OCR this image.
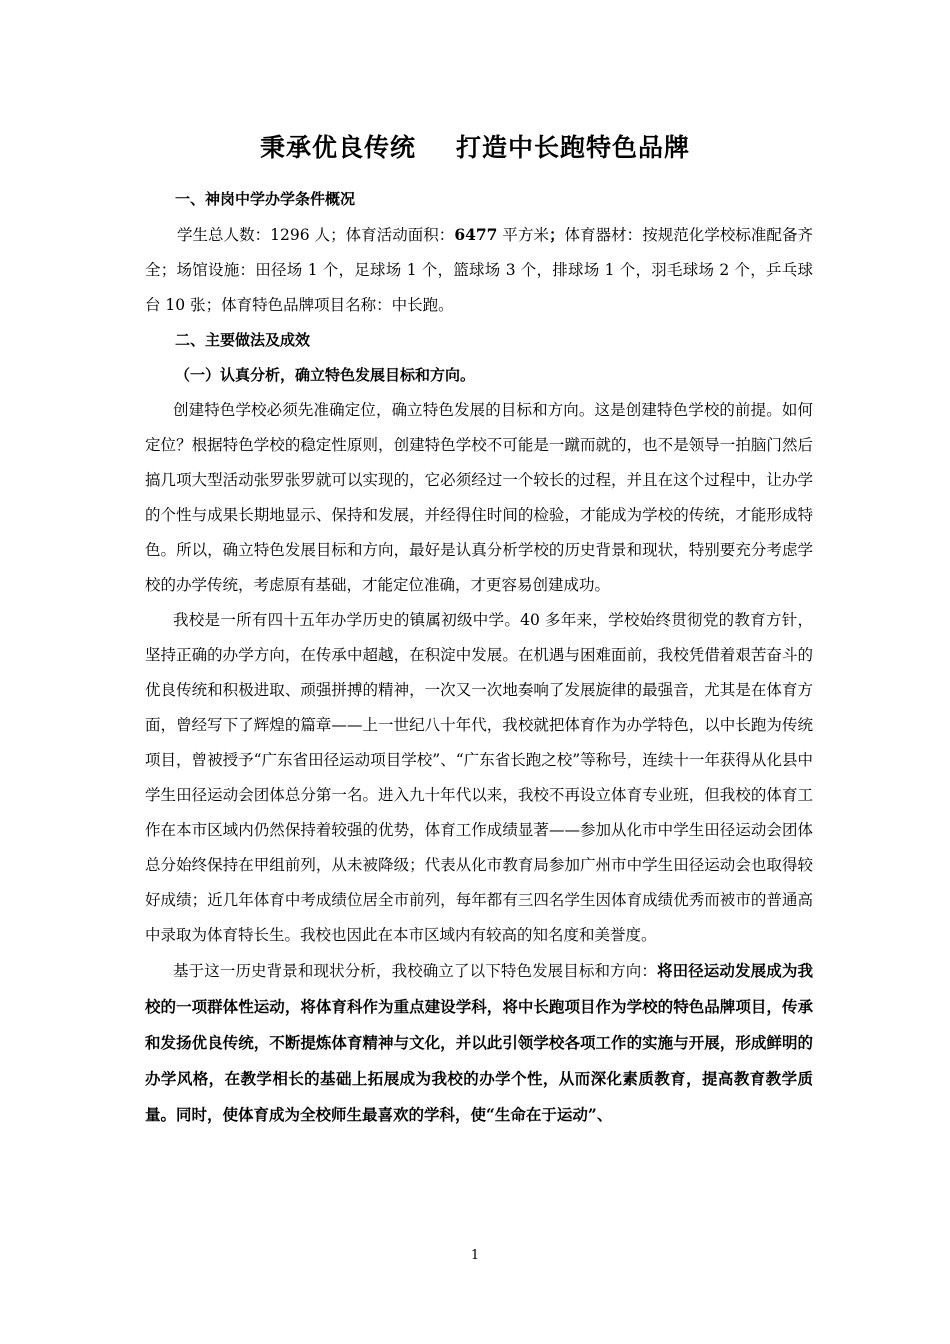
秉承优良传统 打造中长跑特色品牌

一、神岗中学办学条件概况

学生总人数：1296 人；体育活动面积：6477 平方米；体育器材：按规范化学校标准配备齐全；场馆设施：田径场 1 个，足球场 1 个，篮球场 3 个，排球场 1 个，羽毛球场 2 个，乒乓球台 10 张；体育特色品牌项目名称：中长跑。

二、主要做法及成效

（一）认真分析，确立特色发展目标和方向。

创建特色学校必须先准确定位，确立特色发展的目标和方向。这是创建特色学校的前提。如何定位？根据特色学校的稳定性原则，创建特色学校不可能是一蹴而就的，也不是领导一拍脑门然后搞几项大型活动张罗张罗就可以实现的，它必须经过一个较长的过程，并且在这个过程中，让办学的个性与成果长期地显示、保持和发展，并经得住时间的检验，才能成为学校的传统，才能形成特色。所以，确立特色发展目标和方向，最好是认真分析学校的历史背景和现状，特别要充分考虑学校的办学传统，考虑原有基础，才能定位准确，才更容易创建成功。

我校是一所有四十五年办学历史的镇属初级中学。40 多年来，学校始终贯彻党的教育方针，坚持正确的办学方向，在传承中超越，在积淀中发展。在机遇与困难面前，我校凭借着艰苦奋斗的优良传统和积极进取、顽强拼搏的精神，一次又一次地奏响了发展旋律的最强音，尤其是在体育方面，曾经写下了辉煌的篇章——上一世纪八十年代，我校就把体育作为办学特色，以中长跑为传统项目，曾被授予“广东省田径运动项目学校”、“广东省长跑之校”等称号，连续十一年获得从化县中学生田径运动会团体总分第一名。进入九十年代以来，我校不再设立体育专业班，但我校的体育工作在本市区域内仍然保持着较强的优势，体育工作成绩显著——参加从化市中学生田径运动会团体总分始终保持在甲组前列，从未被降级；代表从化市教育局参加广州市中学生田径运动会也取得较好成绩；近几年体育中考成绩位居全市前列，每年都有三四名学生因体育成绩优秀而被市的普通高中录取为体育特长生。我校也因此在本市区域内有较高的知名度和美誉度。

基于这一历史背景和现状分析，我校确立了以下特色发展目标和方向：将田径运动发展成为我校的一项群体性运动，将体育科作为重点建设学科，将中长跑项目作为学校的特色品牌项目，传承和发扬优良传统，不断提炼体育精神与文化，并以此引领学校各项工作的实施与开展，形成鲜明的办学风格，在教学相长的基础上拓展成为我校的办学个性，从而深化素质教育，提高教育教学质量。同时，使体育成为全校师生最喜欢的学科，使“生命在于运动”、

1
